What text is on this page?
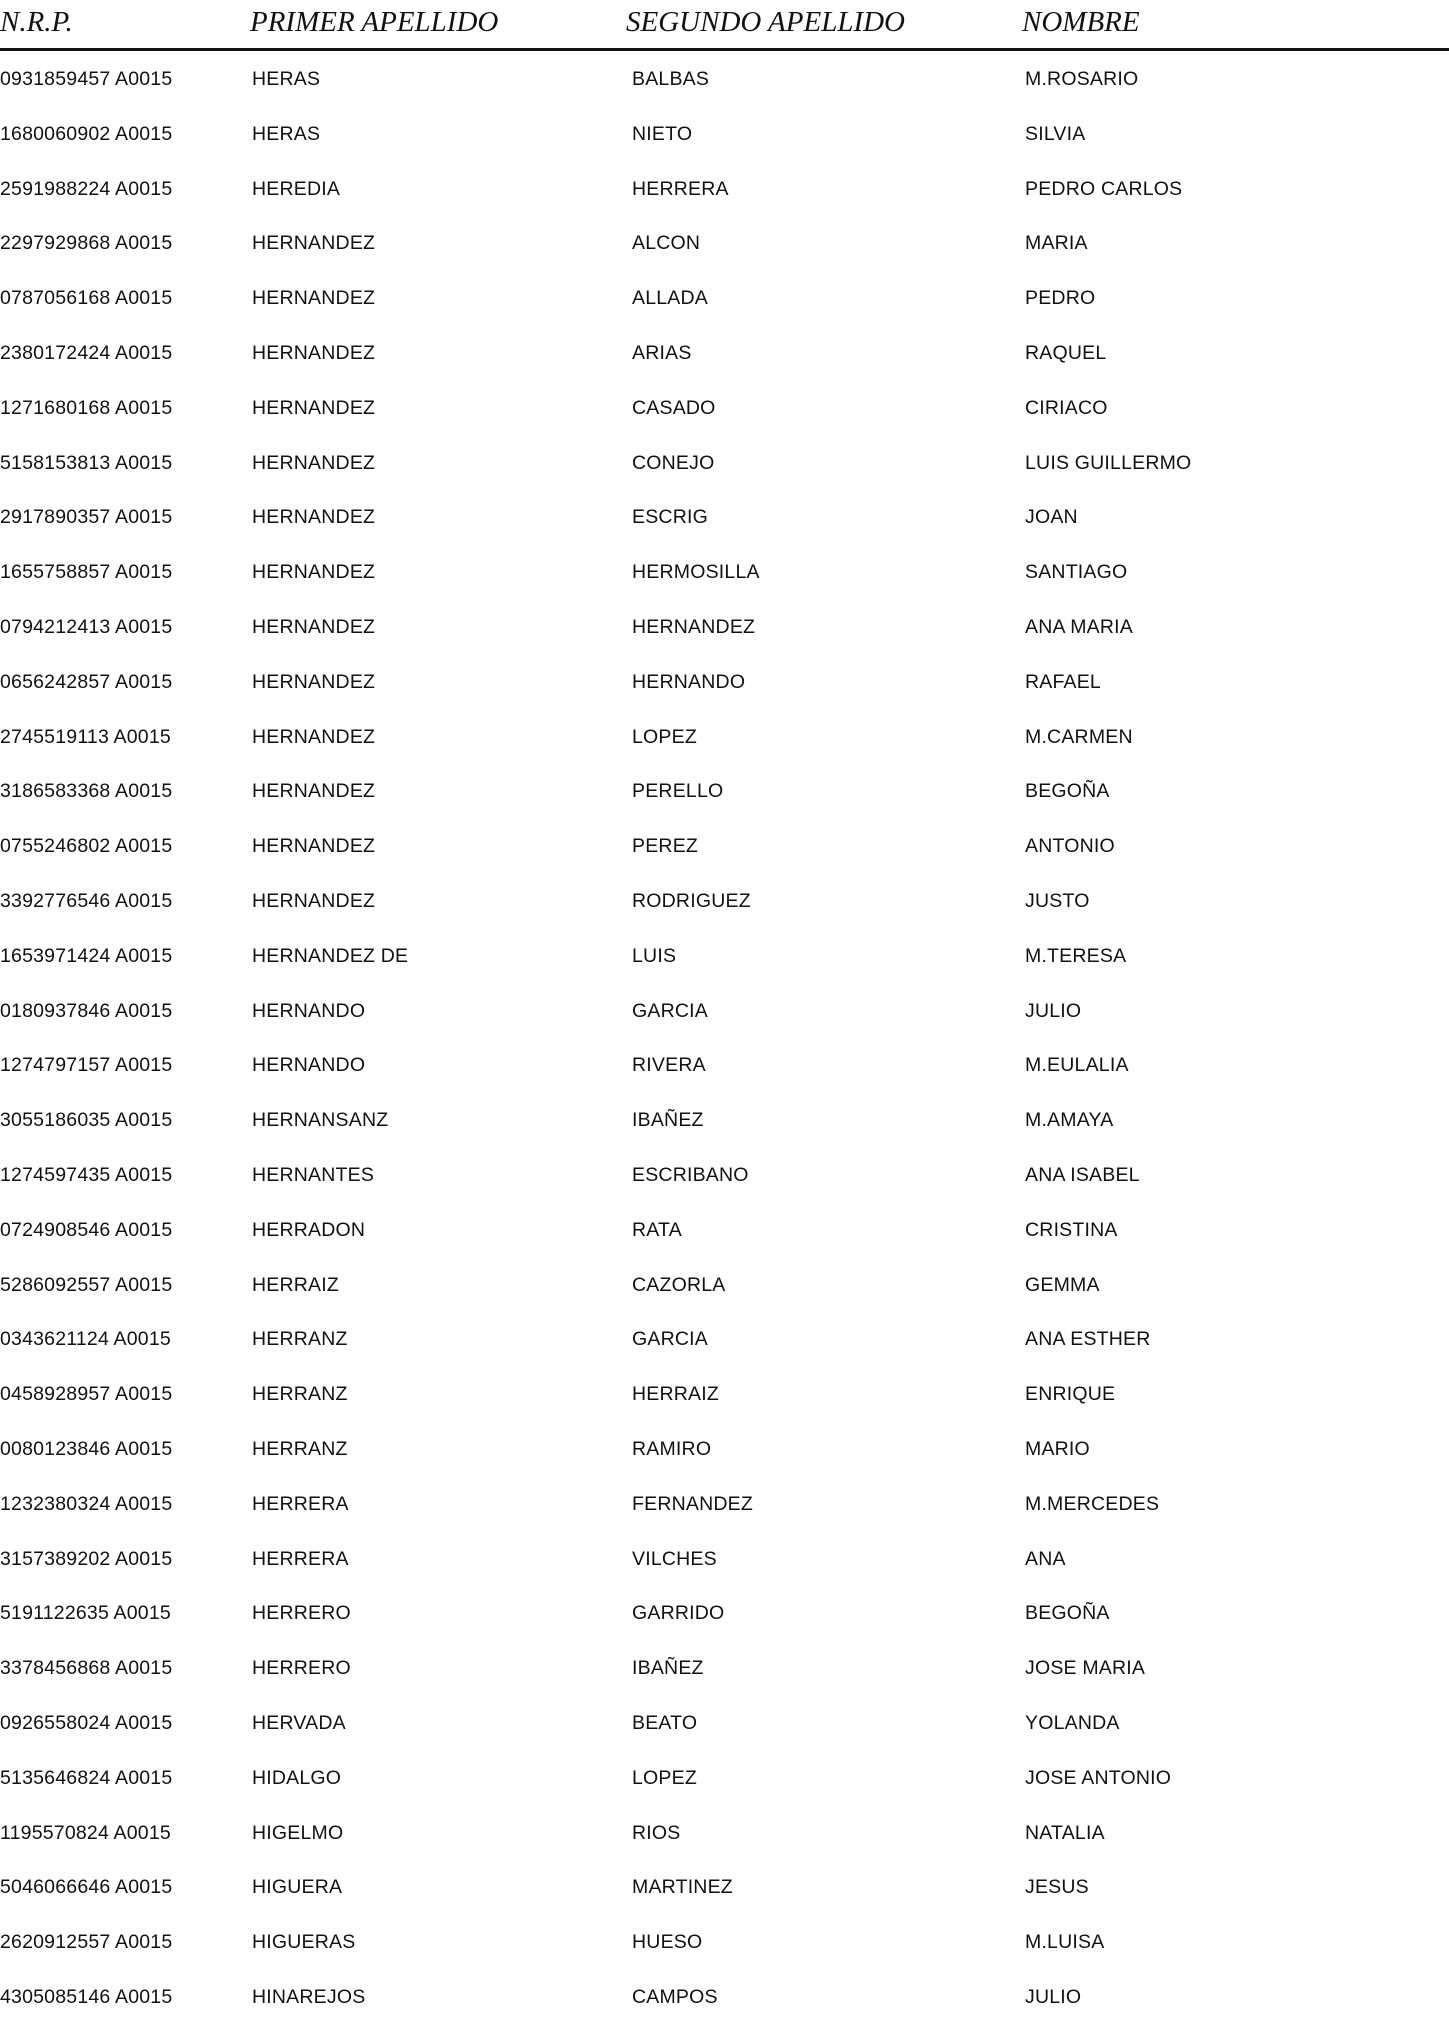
N.R.P.	PRIMER APELLIDO	SEGUNDO APELLIDO	NOMBRE
0931859457 A0015	HERAS	BALBAS	M.ROSARIO
1680060902 A0015	HERAS	NIETO	SILVIA
2591988224 A0015	HEREDIA	HERRERA	PEDRO CARLOS
2297929868 A0015	HERNANDEZ	ALCON	MARIA
0787056168 A0015	HERNANDEZ	ALLADA	PEDRO
2380172424 A0015	HERNANDEZ	ARIAS	RAQUEL
1271680168 A0015	HERNANDEZ	CASADO	CIRIACO
5158153813 A0015	HERNANDEZ	CONEJO	LUIS GUILLERMO
2917890357 A0015	HERNANDEZ	ESCRIG	JOAN
1655758857 A0015	HERNANDEZ	HERMOSILLA	SANTIAGO
0794212413 A0015	HERNANDEZ	HERNANDEZ	ANA MARIA
0656242857 A0015	HERNANDEZ	HERNANDO	RAFAEL
2745519113 A0015	HERNANDEZ	LOPEZ	M.CARMEN
3186583368 A0015	HERNANDEZ	PERELLO	BEGOÑA
0755246802 A0015	HERNANDEZ	PEREZ	ANTONIO
3392776546 A0015	HERNANDEZ	RODRIGUEZ	JUSTO
1653971424 A0015	HERNANDEZ DE	LUIS	M.TERESA
0180937846 A0015	HERNANDO	GARCIA	JULIO
1274797157 A0015	HERNANDO	RIVERA	M.EULALIA
3055186035 A0015	HERNANSANZ	IBAÑEZ	M.AMAYA
1274597435 A0015	HERNANTES	ESCRIBANO	ANA ISABEL
0724908546 A0015	HERRADON	RATA	CRISTINA
5286092557 A0015	HERRAIZ	CAZORLA	GEMMA
0343621124 A0015	HERRANZ	GARCIA	ANA ESTHER
0458928957 A0015	HERRANZ	HERRAIZ	ENRIQUE
0080123846 A0015	HERRANZ	RAMIRO	MARIO
1232380324 A0015	HERRERA	FERNANDEZ	M.MERCEDES
3157389202 A0015	HERRERA	VILCHES	ANA
5191122635 A0015	HERRERO	GARRIDO	BEGOÑA
3378456868 A0015	HERRERO	IBAÑEZ	JOSE MARIA
0926558024 A0015	HERVADA	BEATO	YOLANDA
5135646824 A0015	HIDALGO	LOPEZ	JOSE ANTONIO
1195570824 A0015	HIGELMO	RIOS	NATALIA
5046066646 A0015	HIGUERA	MARTINEZ	JESUS
2620912557 A0015	HIGUERAS	HUESO	M.LUISA
4305085146 A0015	HINAREJOS	CAMPOS	JULIO
